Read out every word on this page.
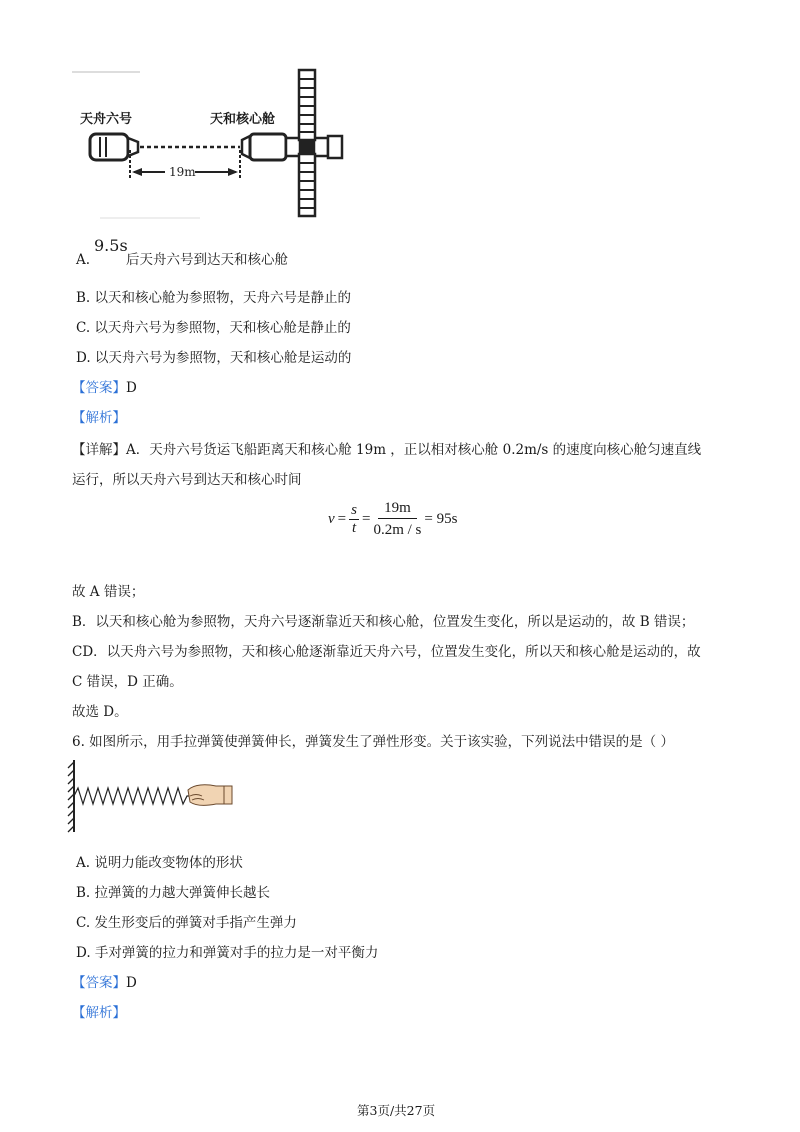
19m
天舟六号	天和核心舱
A.
9.5s
后天舟六号到达天和核心舱
B. 以天和核心舱为参照物，天舟六号是静止的
C. 以天舟六号为参照物，天和核心舱是静止的
D. 以天舟六号为参照物，天和核心舱是运动的
【答案】D
【解析】
【详解】A．天舟六号货运飞船距离天和核心舱 19m ，正以相对核心舱 0.2m/s 的速度向核心舱匀速直线
运行，所以天舟六号到达天和核心时间
$v = \frac{s}{t} = \frac{19m}{0.2m / s} = 95s$
故 A 错误；
B．以天和核心舱为参照物，天舟六号逐渐靠近天和核心舱，位置发生变化，所以是运动的，故 B 错误；
CD．以天舟六号为参照物，天和核心舱逐渐靠近天舟六号，位置发生变化，所以天和核心舱是运动的，故
C 错误，D 正确。
故选 D。
6. 如图所示，用手拉弹簧使弹簧伸长，弹簧发生了弹性形变。关于该实验，下列说法中错误的是（ ）
A. 说明力能改变物体的形状
B. 拉弹簧的力越大弹簧伸长越长
C. 发生形变后的弹簧对手指产生弹力
D. 手对弹簧的拉力和弹簧对手的拉力是一对平衡力
【答案】D
【解析】
第3页/共27页
